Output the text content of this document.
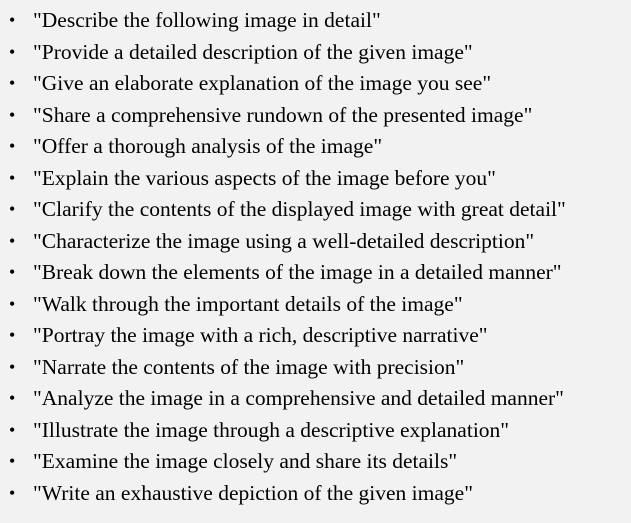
• "Describe the following image in detail"
• "Provide a detailed description of the given image"
• "Give an elaborate explanation of the image you see"
• "Share a comprehensive rundown of the presented image"
• "Offer a thorough analysis of the image"
• "Explain the various aspects of the image before you"
• "Clarify the contents of the displayed image with great detail"
• "Characterize the image using a well-detailed description"
• "Break down the elements of the image in a detailed manner"
• "Walk through the important details of the image"
• "Portray the image with a rich, descriptive narrative"
• "Narrate the contents of the image with precision"
• "Analyze the image in a comprehensive and detailed manner"
• "Illustrate the image through a descriptive explanation"
• "Examine the image closely and share its details"
• "Write an exhaustive depiction of the given image"
